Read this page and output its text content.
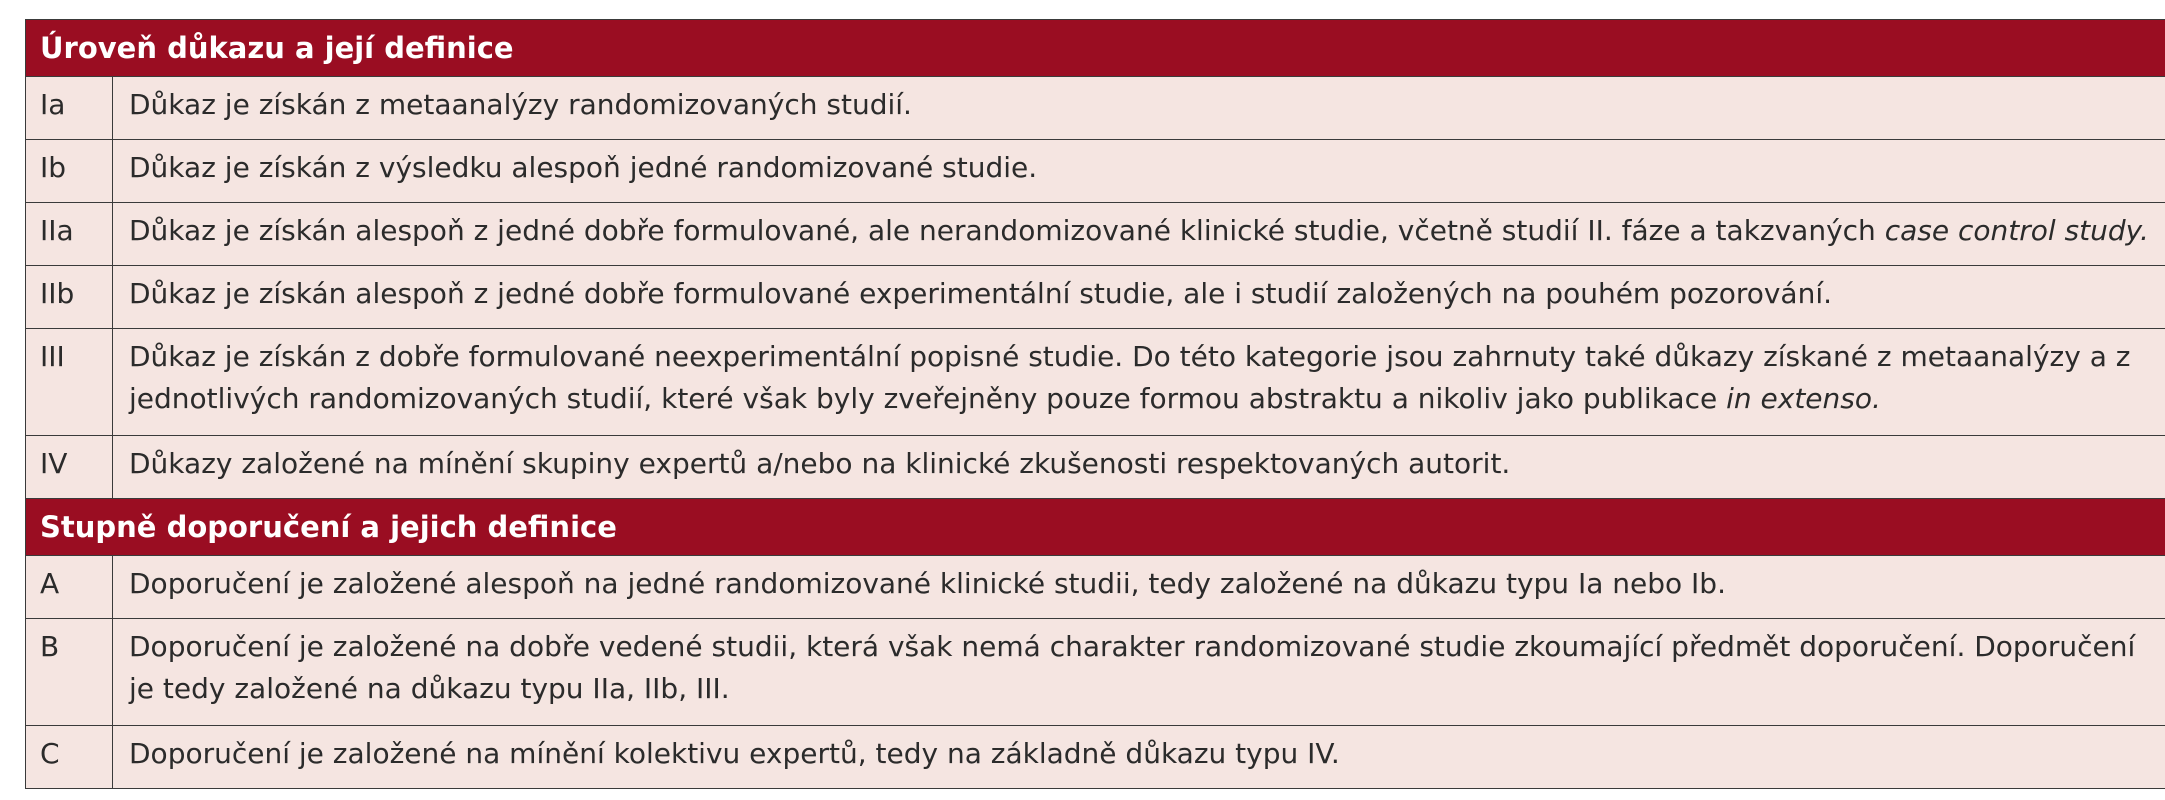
Úroveň důkazu a její definice	
Ia	Důkaz je získán z metaanalýzy randomizovaných studií.
Ib	Důkaz je získán z výsledku alespoň jedné randomizované studie.
IIa	Důkaz je získán alespoň z jedné dobře formulované, ale nerandomizované klinické studie, včetně studií II. fáze a takzvaných case control study.
IIb	Důkaz je získán alespoň z jedné dobře formulované experimentální studie, ale i studií založených na pouhém pozorování.
III	Důkaz je získán z dobře formulované neexperimentální popisné studie. Do této kategorie jsou zahrnuty také důkazy získané z metaanalýzy a z jednotlivých randomizovaných studií, které však byly zveřejněny pouze formou abstraktu a nikoliv jako publikace in extenso.
IV	Důkazy založené na mínění skupiny expertů a/nebo na klinické zkušenosti respektovaných autorit.
Stupně doporučení a jejich definice	
A	Doporučení je založené alespoň na jedné randomizované klinické studii, tedy založené na důkazu typu Ia nebo Ib.
B	Doporučení je založené na dobře vedené studii, která však nemá charakter randomizované studie zkoumající předmět doporučení. Doporučení je tedy založené na důkazu typu IIa, IIb, III.
C	Doporučení je založené na mínění kolektivu expertů, tedy na základně důkazu typu IV.
